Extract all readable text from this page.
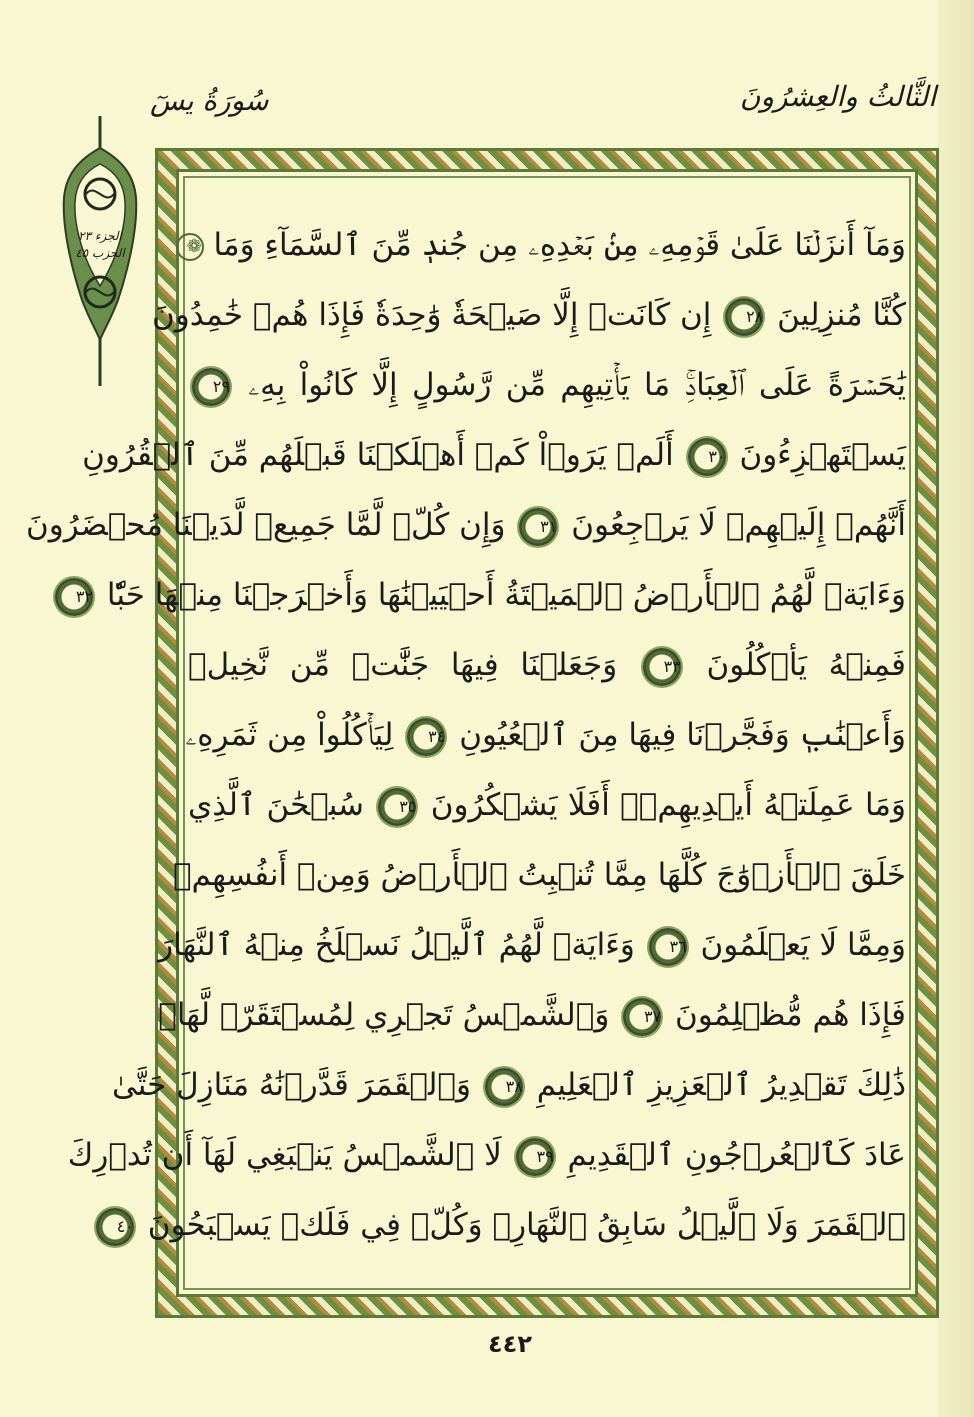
سُورَةُ يسٓ	الثَّالثُ والعِشرُونَ
الجزء ٢٣
الحزب ٤٥	وَمَآ أَنزَلۡنَا عَلَىٰ قَوۡمِهِۦ مِنۢ بَعۡدِهِۦ مِن جُندٖ مِّنَ ٱلسَّمَآءِ وَمَا ❁
كُنَّا مُنزِلِينَ ٢٨ إِن كَانَتۡ إِلَّا صَيۡحَةٗ وَٰحِدَةٗ فَإِذَا هُمۡ خَٰمِدُونَ
يَٰحَسۡرَةً عَلَى ٱلۡعِبَادِۚ مَا يَأۡتِيهِم مِّن رَّسُولٍ إِلَّا كَانُواْ بِهِۦ ٢٩
يَسۡتَهۡزِءُونَ ٣٠ أَلَمۡ يَرَوۡاْ كَمۡ أَهۡلَكۡنَا قَبۡلَهُم مِّنَ ٱلۡقُرُونِ
أَنَّهُمۡ إِلَيۡهِمۡ لَا يَرۡجِعُونَ ٣١ وَإِن كُلّٞ لَّمَّا جَمِيعٞ لَّدَيۡنَا مُحۡضَرُونَ
وَءَايَةٞ لَّهُمُ ٱلۡأَرۡضُ ٱلۡمَيۡتَةُ أَحۡيَيۡنَٰهَا وَأَخۡرَجۡنَا مِنۡهَا حَبّٗا ٣٢
فَمِنۡهُ يَأۡكُلُونَ ٣٣ وَجَعَلۡنَا فِيهَا جَنَّٰتٖ مِّن نَّخِيلٖ
وَأَعۡنَٰبٖ وَفَجَّرۡنَا فِيهَا مِنَ ٱلۡعُيُونِ ٣٤ لِيَأۡكُلُواْ مِن ثَمَرِهِۦ
وَمَا عَمِلَتۡهُ أَيۡدِيهِمۡۚ أَفَلَا يَشۡكُرُونَ ٣٥ سُبۡحَٰنَ ٱلَّذِي
خَلَقَ ٱلۡأَزۡوَٰجَ كُلَّهَا مِمَّا تُنۢبِتُ ٱلۡأَرۡضُ وَمِنۡ أَنفُسِهِمۡ
وَمِمَّا لَا يَعۡلَمُونَ ٣٦ وَءَايَةٞ لَّهُمُ ٱلَّيۡلُ نَسۡلَخُ مِنۡهُ ٱلنَّهَارَ
فَإِذَا هُم مُّظۡلِمُونَ ٣٧ وَٱلشَّمۡسُ تَجۡرِي لِمُسۡتَقَرّٖ لَّهَاۚ
ذَٰلِكَ تَقۡدِيرُ ٱلۡعَزِيزِ ٱلۡعَلِيمِ ٣٨ وَٱلۡقَمَرَ قَدَّرۡنَٰهُ مَنَازِلَ حَتَّىٰ
عَادَ كَٱلۡعُرۡجُونِ ٱلۡقَدِيمِ ٣٩ لَا ٱلشَّمۡسُ يَنۢبَغِي لَهَآ أَن تُدۡرِكَ
ٱلۡقَمَرَ وَلَا ٱلَّيۡلُ سَابِقُ ٱلنَّهَارِۚ وَكُلّٞ فِي فَلَكٖ يَسۡبَحُونَ ٤٠
٤٤٢
